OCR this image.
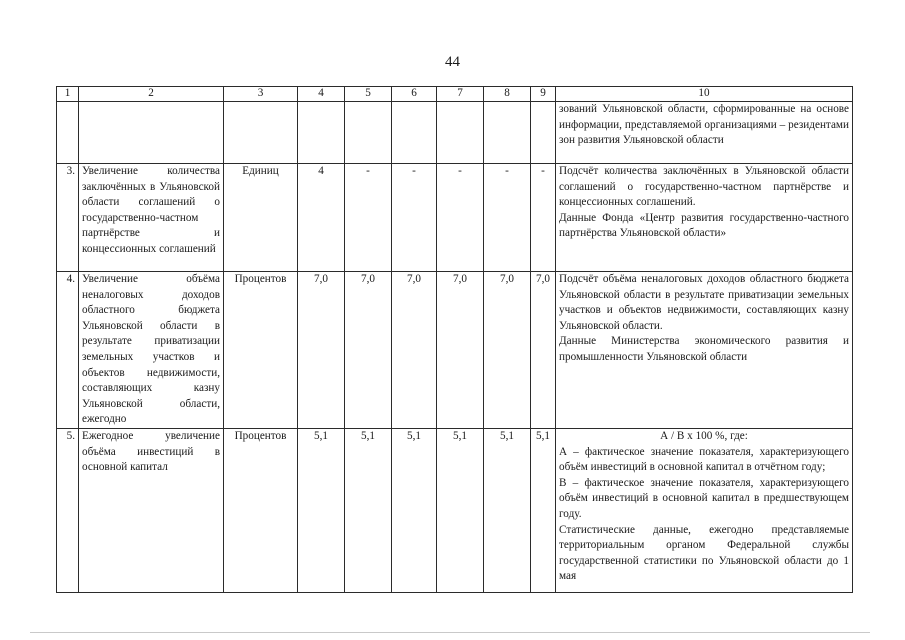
44
1	2	3	4	5	6	7	8	9	10
									зований Ульяновской области, сформированные на основе информации, представляемой организациями – резидентами зон развития Ульяновской области
3.	Увеличение количества заключённых в Ульяновской области соглашений о государственно-частном партнёрстве и концессионных соглашений	Единиц	4	-	-	-	-	-	Подсчёт количества заключённых в Ульяновской области соглашений о государственно-частном партнёрстве и концессионных соглашений.
Данные Фонда «Центр развития государственно-частного партнёрства Ульяновской области»

4.	Увеличение объёма неналоговых доходов областного бюджета Ульяновской области в результате приватизации земельных участков и объектов недвижимости, составляющих казну Ульяновской области, ежегодно	Процентов	7,0	7,0	7,0	7,0	7,0	7,0	Подсчёт объёма неналоговых доходов областного бюджета Ульяновской области в результате приватизации земельных участков и объектов недвижимости, составляющих казну Ульяновской области.
Данные Министерства экономического развития и промышленности Ульяновской области

5.	Ежегодное увеличение объёма инвестиций в основной капитал	Процентов	5,1	5,1	5,1	5,1	5,1	5,1	А / В х 100 %, где:
А – фактическое значение показателя, характеризующего объём инвестиций в основной капитал в отчётном году;
В – фактическое значение показателя, характеризующего объём инвестиций в основной капитал в предшествующем году.
Статистические данные, ежегодно представляемые территориальным органом Федеральной службы государственной статистики по Ульяновской области до 1 мая
